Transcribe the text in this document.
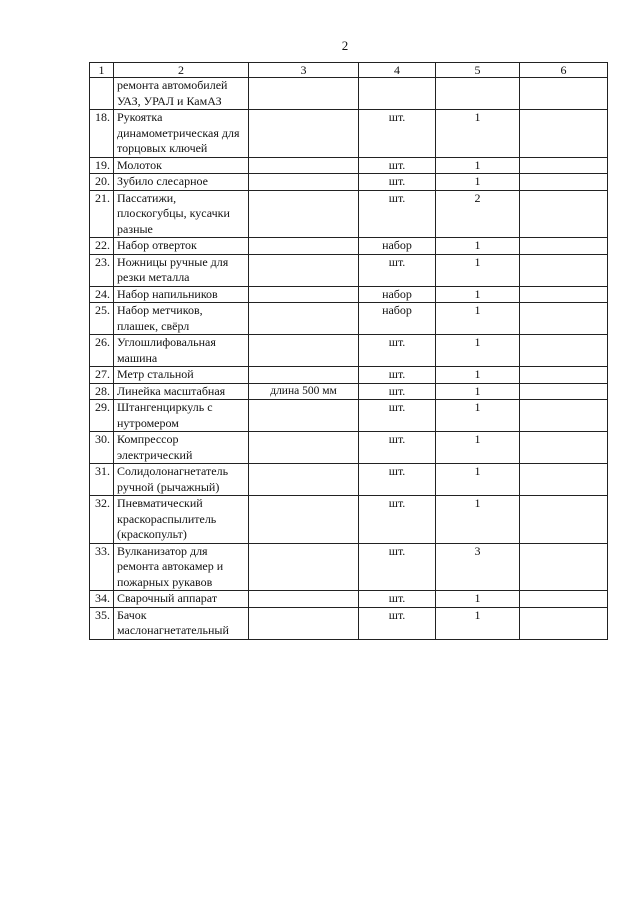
2
1	2	3	4	5	6
	ремонта автомобилей УАЗ, УРАЛ и КамАЗ				
18.	Рукоятка динамометрическая для торцовых ключей		шт.	1	
19.	Молоток		шт.	1	
20.	Зубило слесарное		шт.	1	
21.	Пассатижи, плоскогубцы, кусачки разные		шт.	2	
22.	Набор отверток		набор	1	
23.	Ножницы ручные для резки металла		шт.	1	
24.	Набор напильников		набор	1	
25.	Набор метчиков, плашек, свёрл		набор	1	
26.	Углошлифовальная машина		шт.	1	
27.	Метр стальной		шт.	1	
28.	Линейка масштабная	длина 500 мм	шт.	1	
29.	Штангенциркуль с нутромером		шт.	1	
30.	Компрессор электрический		шт.	1	
31.	Солидолонагнетатель ручной (рычажный)		шт.	1	
32.	Пневматический краскораспылитель (краскопульт)		шт.	1	
33.	Вулканизатор для ремонта автокамер и пожарных рукавов		шт.	3	
34.	Сварочный аппарат		шт.	1	
35.	Бачок маслонагнетательный		шт.	1	
